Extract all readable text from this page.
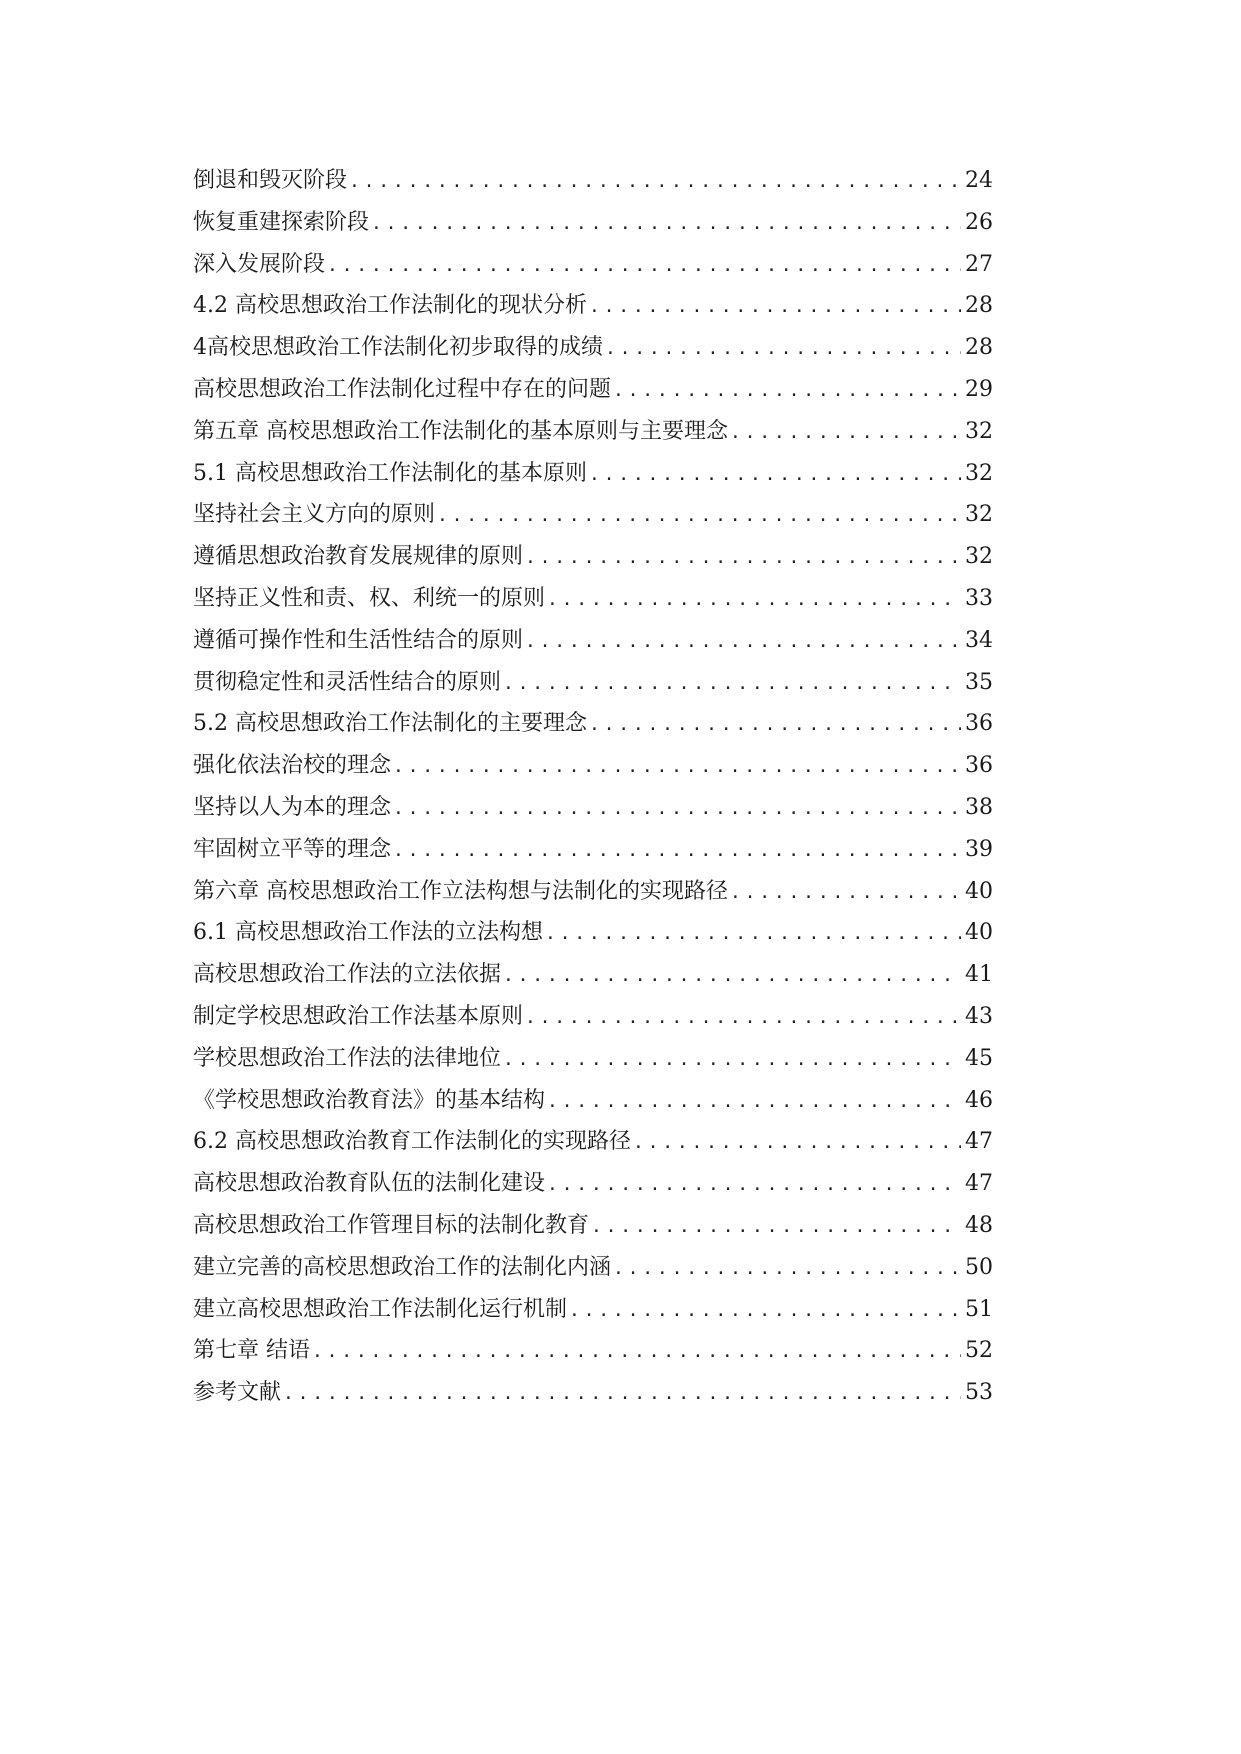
倒退和毁灭阶段 .....	24
恢复重建探索阶段 .....	26
深入发展阶段 .....	27
4.2 高校思想政治工作法制化的现状分析 .....	28
4高校思想政治工作法制化初步取得的成绩 .....	28
高校思想政治工作法制化过程中存在的问题 .....	29
第五章 高校思想政治工作法制化的基本原则与主要理念 .....	32
5.1 高校思想政治工作法制化的基本原则 .....	32
坚持社会主义方向的原则 .....	32
遵循思想政治教育发展规律的原则 .....	32
坚持正义性和责、权、利统一的原则 .....	33
遵循可操作性和生活性结合的原则 .....	34
贯彻稳定性和灵活性结合的原则 .....	35
5.2 高校思想政治工作法制化的主要理念 .....	36
强化依法治校的理念 .....	36
坚持以人为本的理念 .....	38
牢固树立平等的理念 .....	39
第六章 高校思想政治工作立法构想与法制化的实现路径 .....	40
6.1 高校思想政治工作法的立法构想 .....	40
高校思想政治工作法的立法依据 .....	41
制定学校思想政治工作法基本原则 .....	43
学校思想政治工作法的法律地位 .....	45
《学校思想政治教育法》的基本结构 .....	46
6.2 高校思想政治教育工作法制化的实现路径 .....	47
高校思想政治教育队伍的法制化建设 .....	47
高校思想政治工作管理目标的法制化教育 .....	48
建立完善的高校思想政治工作的法制化内涵 .....	50
建立高校思想政治工作法制化运行机制 .....	51
第七章 结语 .....	52
参考文献 .....	53
